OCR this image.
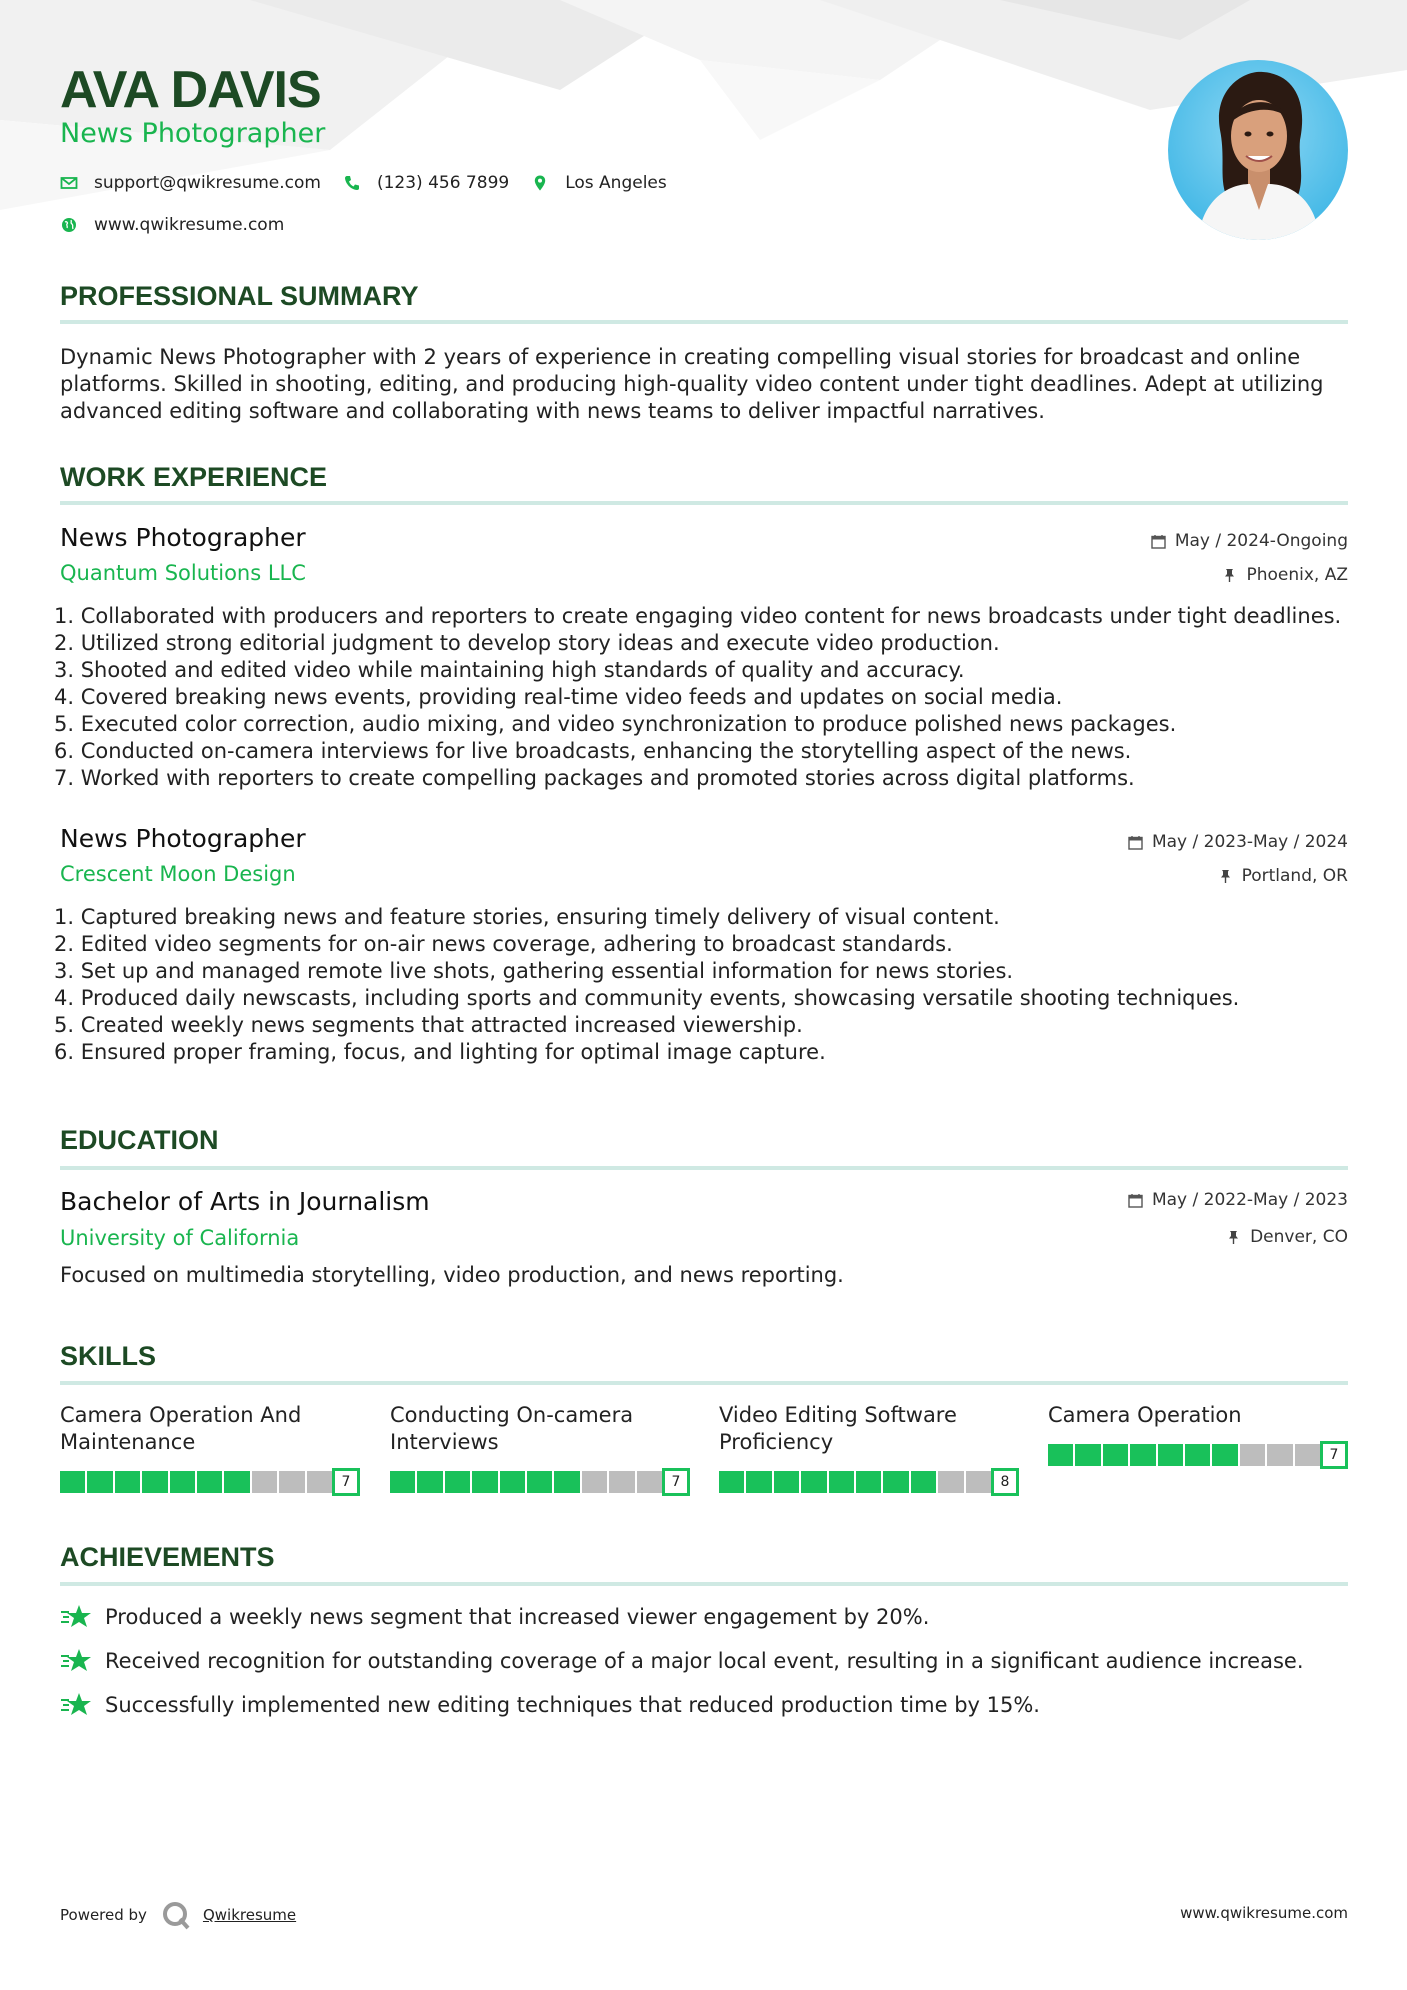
AVA DAVIS
News Photographer
support@qwikresume.com	(123) 456 7899	Los Angeles
www.qwikresume.com
PROFESSIONAL SUMMARY
Dynamic News Photographer with 2 years of experience in creating compelling visual stories for broadcast and online platforms. Skilled in shooting, editing, and producing high-quality video content under tight deadlines. Adept at utilizing advanced editing software and collaborating with news teams to deliver impactful narratives.
WORK EXPERIENCE
News Photographer	May / 2024-Ongoing
Quantum Solutions LLC	Phoenix, AZ
1. Collaborated with producers and reporters to create engaging video content for news broadcasts under tight deadlines.
2. Utilized strong editorial judgment to develop story ideas and execute video production.
3. Shooted and edited video while maintaining high standards of quality and accuracy.
4. Covered breaking news events, providing real-time video feeds and updates on social media.
5. Executed color correction, audio mixing, and video synchronization to produce polished news packages.
6. Conducted on-camera interviews for live broadcasts, enhancing the storytelling aspect of the news.
7. Worked with reporters to create compelling packages and promoted stories across digital platforms.
News Photographer	May / 2023-May / 2024
Crescent Moon Design	Portland, OR
1. Captured breaking news and feature stories, ensuring timely delivery of visual content.
2. Edited video segments for on-air news coverage, adhering to broadcast standards.
3. Set up and managed remote live shots, gathering essential information for news stories.
4. Produced daily newscasts, including sports and community events, showcasing versatile shooting techniques.
5. Created weekly news segments that attracted increased viewership.
6. Ensured proper framing, focus, and lighting for optimal image capture.
EDUCATION
Bachelor of Arts in Journalism	May / 2022-May / 2023
University of California	Denver, CO
Focused on multimedia storytelling, video production, and news reporting.
SKILLS
Camera Operation And Maintenance
7
Conducting On-camera Interviews
7
Video Editing Software Proficiency
8
Camera Operation
7
ACHIEVEMENTS
Produced a weekly news segment that increased viewer engagement by 20%.
Received recognition for outstanding coverage of a major local event, resulting in a significant audience increase.
Successfully implemented new editing techniques that reduced production time by 15%.
Powered by	Qwikresume	www.qwikresume.com
